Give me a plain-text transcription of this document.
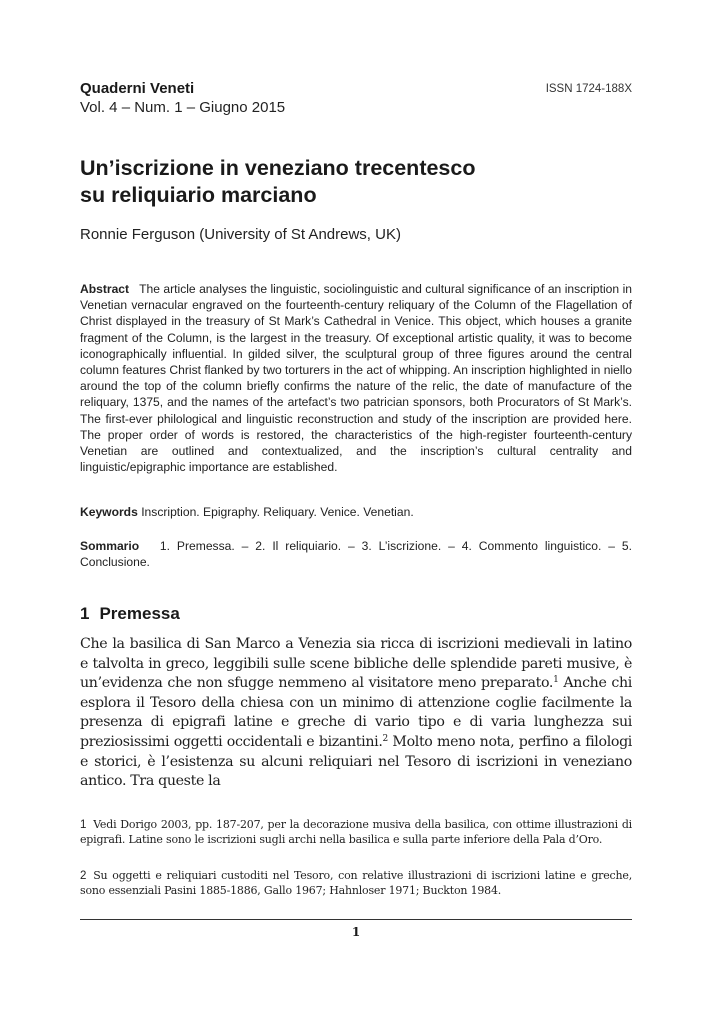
Quaderni Veneti	ISSN 1724-188X
Vol. 4 – Num. 1 – Giugno 2015
Un’iscrizione in veneziano trecentesco
su reliquiario marciano
Ronnie Ferguson (University of St Andrews, UK)

Abstract The article analyses the linguistic, sociolinguistic and cultural significance of an inscription in Venetian vernacular engraved on the fourteenth-century reliquary of the Column of the Flagellation of Christ displayed in the treasury of St Mark’s Cathedral in Venice. This object, which houses a granite fragment of the Column, is the largest in the treasury. Of exceptional artistic quality, it was to become iconographically influential. In gilded silver, the sculptural group of three figures around the central column features Christ flanked by two torturers in the act of whipping. An inscription highlighted in niello around the top of the column briefly confirms the nature of the relic, the date of manufacture of the reliquary, 1375, and the names of the artefact’s two patrician sponsors, both Procurators of St Mark’s. The first-ever philological and linguistic reconstruction and study of the inscription are provided here. The proper order of words is restored, the characteristics of the high-register fourteenth-century Venetian are outlined and contextualized, and the inscription’s cultural centrality and linguistic/epigraphic importance are established.

Keywords Inscription. Epigraphy. Reliquary. Venice. Venetian.

Sommario 1. Premessa. – 2. Il reliquiario. – 3. L’iscrizione. – 4. Commento linguistico. – 5. Conclusione.

1 Premessa

Che la basilica di San Marco a Venezia sia ricca di iscrizioni medievali in latino e talvolta in greco, leggibili sulle scene bibliche delle splendide pareti musive, è un’evidenza che non sfugge nemmeno al visitatore meno preparato.$^1$ Anche chi esplora il Tesoro della chiesa con un minimo di attenzione coglie facilmente la presenza di epigrafi latine e greche di vario tipo e di varia lunghezza sui preziosissimi oggetti occidentali e bizantini.$^2$ Molto meno nota, perfino a filologi e storici, è l’esistenza su alcuni reliquiari nel Tesoro di iscrizioni in veneziano antico. Tra queste la

1 Vedi Dorigo 2003, pp. 187-207, per la decorazione musiva della basilica, con ottime illustrazioni di epigrafi. Latine sono le iscrizioni sugli archi nella basilica e sulla parte inferiore della Pala d’Oro.

2 Su oggetti e reliquiari custoditi nel Tesoro, con relative illustrazioni di iscrizioni latine e greche, sono essenziali Pasini 1885-1886, Gallo 1967; Hahnloser 1971; Buckton 1984.

1
